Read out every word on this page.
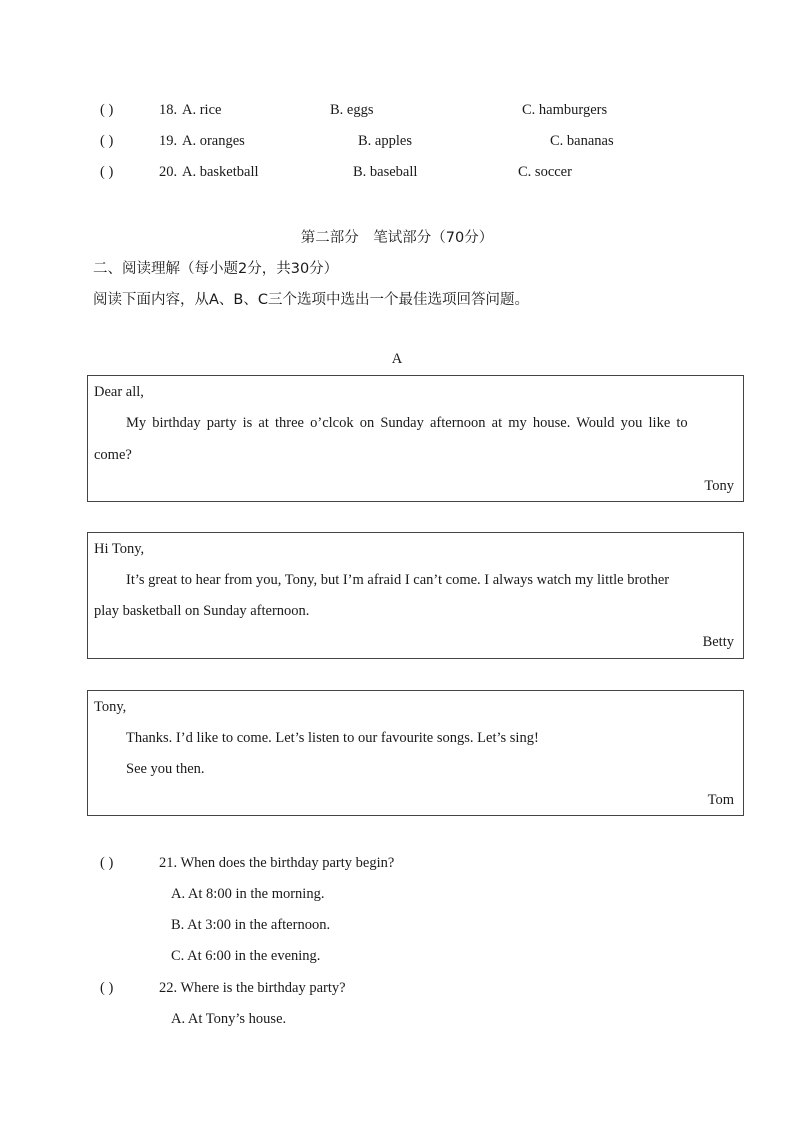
( )	18. A. rice	B. eggs	C. hamburgers
( )	19. A. oranges	B. apples	C. bananas
( )	20. A. basketball	B. baseball	C. soccer
第二部分　笔试部分（70分）
二、阅读理解（每小题2分，共30分）
阅读下面内容，从A、B、C三个选项中选出一个最佳选项回答问题。
A
Dear all,
My birthday party is at three o’clcok on Sunday afternoon at my house. Would you like to
come?
Tony
Hi Tony,
It’s great to hear from you, Tony, but I’m afraid I can’t come. I always watch my little brother
play basketball on Sunday afternoon.
Betty
Tony,
Thanks. I’d like to come. Let’s listen to our favourite songs. Let’s sing!
See you then.
Tom
( )	21. When does the birthday party begin?
A. At 8:00 in the morning.
B. At 3:00 in the afternoon.
C. At 6:00 in the evening.
( )	22. Where is the birthday party?
A. At Tony’s house.
